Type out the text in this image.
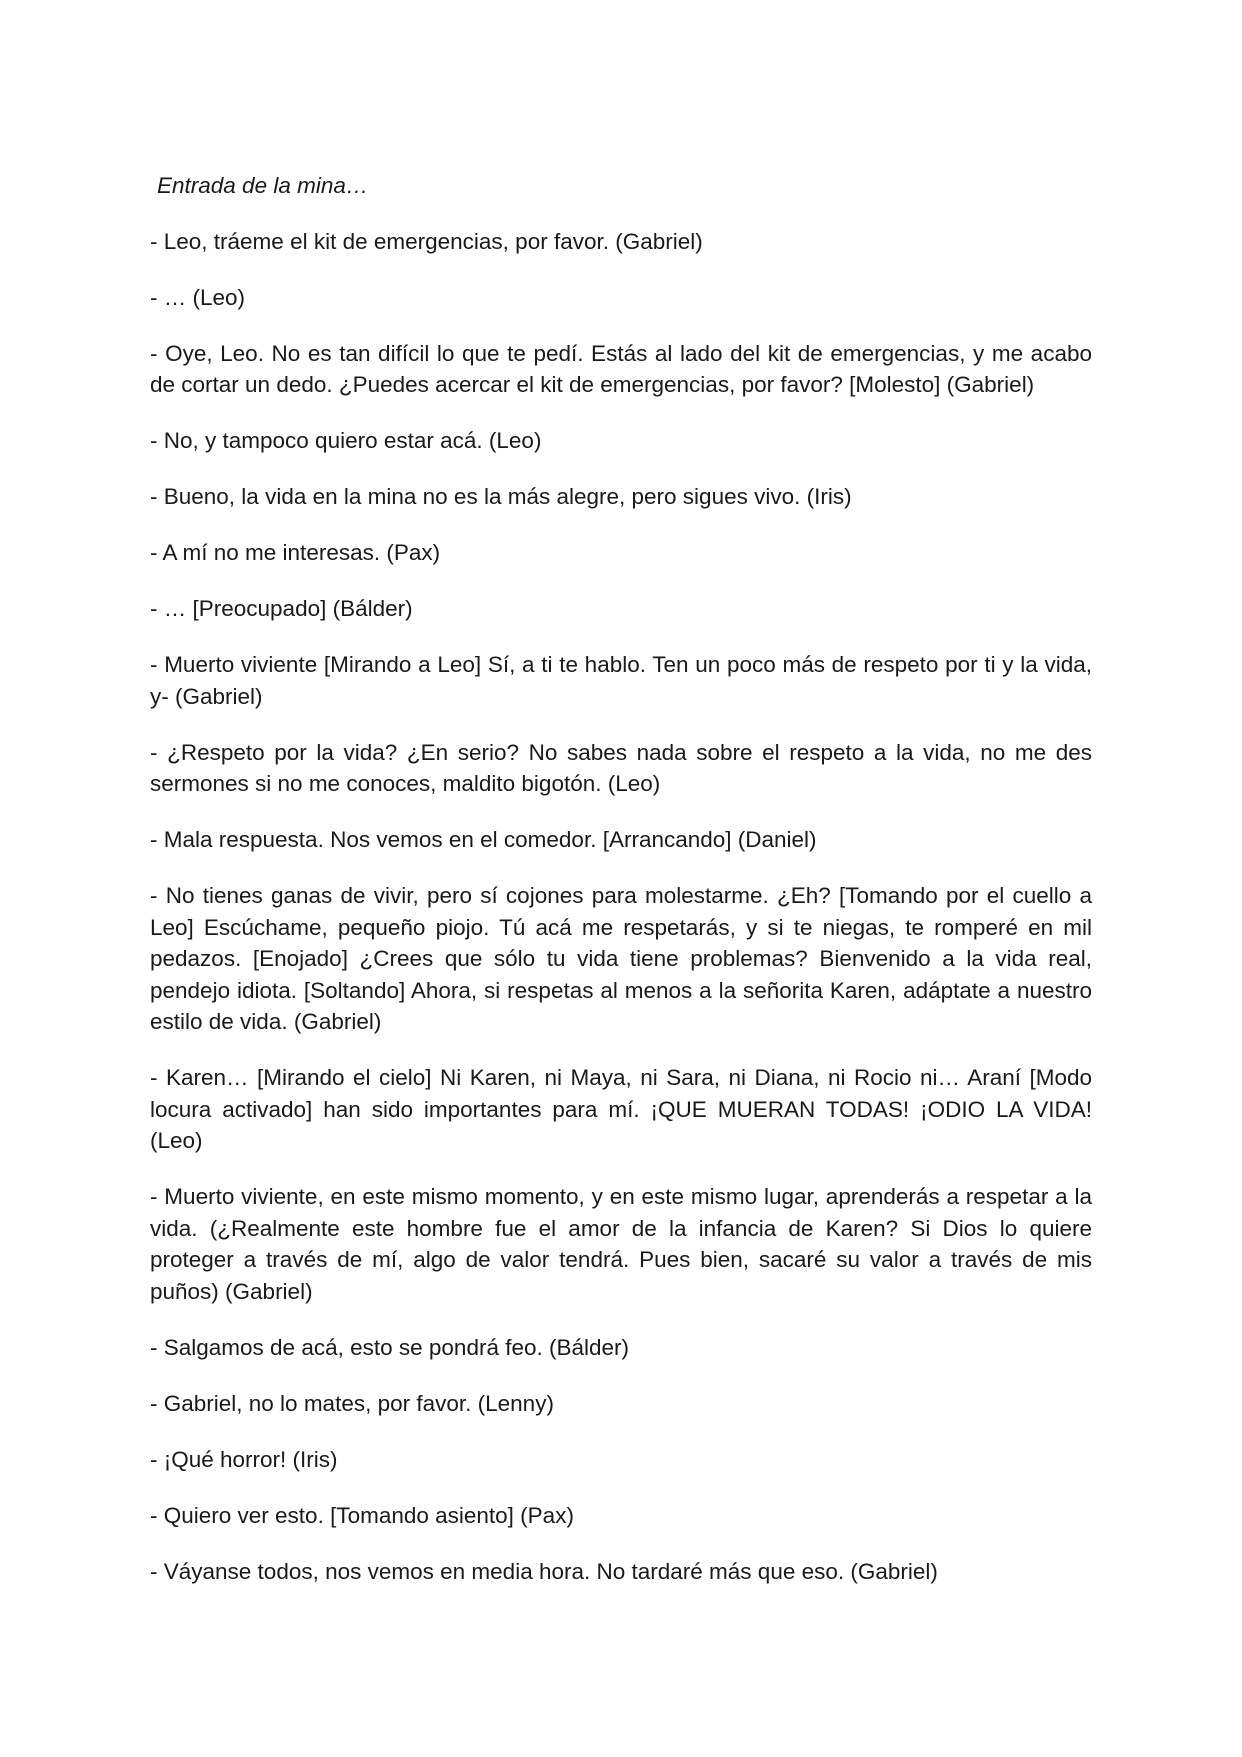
Entrada de la mina…

- Leo, tráeme el kit de emergencias, por favor. (Gabriel)

- … (Leo)

- Oye, Leo. No es tan difícil lo que te pedí. Estás al lado del kit de emergencias, y me acabo de cortar un dedo. ¿Puedes acercar el kit de emergencias, por favor? [Molesto] (Gabriel)

- No, y tampoco quiero estar acá. (Leo)

- Bueno, la vida en la mina no es la más alegre, pero sigues vivo. (Iris)

- A mí no me interesas. (Pax)

- … [Preocupado] (Bálder)

- Muerto viviente [Mirando a Leo] Sí, a ti te hablo. Ten un poco más de respeto por ti y la vida, y- (Gabriel)

- ¿Respeto por la vida? ¿En serio? No sabes nada sobre el respeto a la vida, no me des sermones si no me conoces, maldito bigotón. (Leo)

- Mala respuesta. Nos vemos en el comedor. [Arrancando] (Daniel)

- No tienes ganas de vivir, pero sí cojones para molestarme. ¿Eh? [Tomando por el cuello a Leo] Escúchame, pequeño piojo. Tú acá me respetarás, y si te niegas, te romperé en mil pedazos. [Enojado] ¿Crees que sólo tu vida tiene problemas? Bienvenido a la vida real, pendejo idiota. [Soltando] Ahora, si respetas al menos a la señorita Karen, adáptate a nuestro estilo de vida. (Gabriel)

- Karen… [Mirando el cielo] Ni Karen, ni Maya, ni Sara, ni Diana, ni Rocio ni… Araní [Modo locura activado] han sido importantes para mí. ¡QUE MUERAN TODAS! ¡ODIO LA VIDA! (Leo)

- Muerto viviente, en este mismo momento, y en este mismo lugar, aprenderás a respetar a la vida. (¿Realmente este hombre fue el amor de la infancia de Karen? Si Dios lo quiere proteger a través de mí, algo de valor tendrá. Pues bien, sacaré su valor a través de mis puños) (Gabriel)

- Salgamos de acá, esto se pondrá feo. (Bálder)

- Gabriel, no lo mates, por favor. (Lenny)

- ¡Qué horror! (Iris)

- Quiero ver esto. [Tomando asiento] (Pax)

- Váyanse todos, nos vemos en media hora. No tardaré más que eso. (Gabriel)
